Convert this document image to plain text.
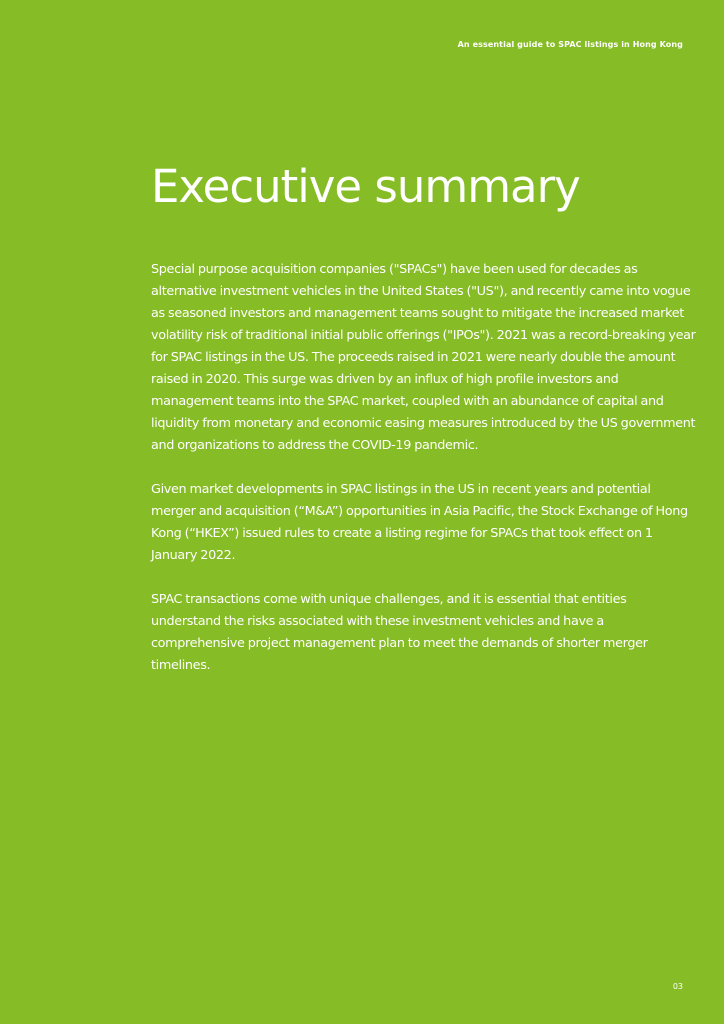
An essential guide to SPAC listings in Hong Kong
Executive summary

Special purpose acquisition companies ("SPACs") have been used for decades as alternative investment vehicles in the United States ("US"), and recently came into vogue as seasoned investors and management teams sought to mitigate the increased market volatility risk of traditional initial public offerings ("IPOs"). 2021 was a record-breaking year for SPAC listings in the US. The proceeds raised in 2021 were nearly double the amount raised in 2020. This surge was driven by an influx of high profile investors and management teams into the SPAC market, coupled with an abundance of capital and liquidity from monetary and economic easing measures introduced by the US government and organizations to address the COVID-19 pandemic.

Given market developments in SPAC listings in the US in recent years and potential merger and acquisition (“M&A”) opportunities in Asia Pacific, the Stock Exchange of Hong Kong (“HKEX”) issued rules to create a listing regime for SPACs that took effect on 1 January 2022.

SPAC transactions come with unique challenges, and it is essential that entities understand the risks associated with these investment vehicles and have a comprehensive project management plan to meet the demands of shorter merger timelines.

03
